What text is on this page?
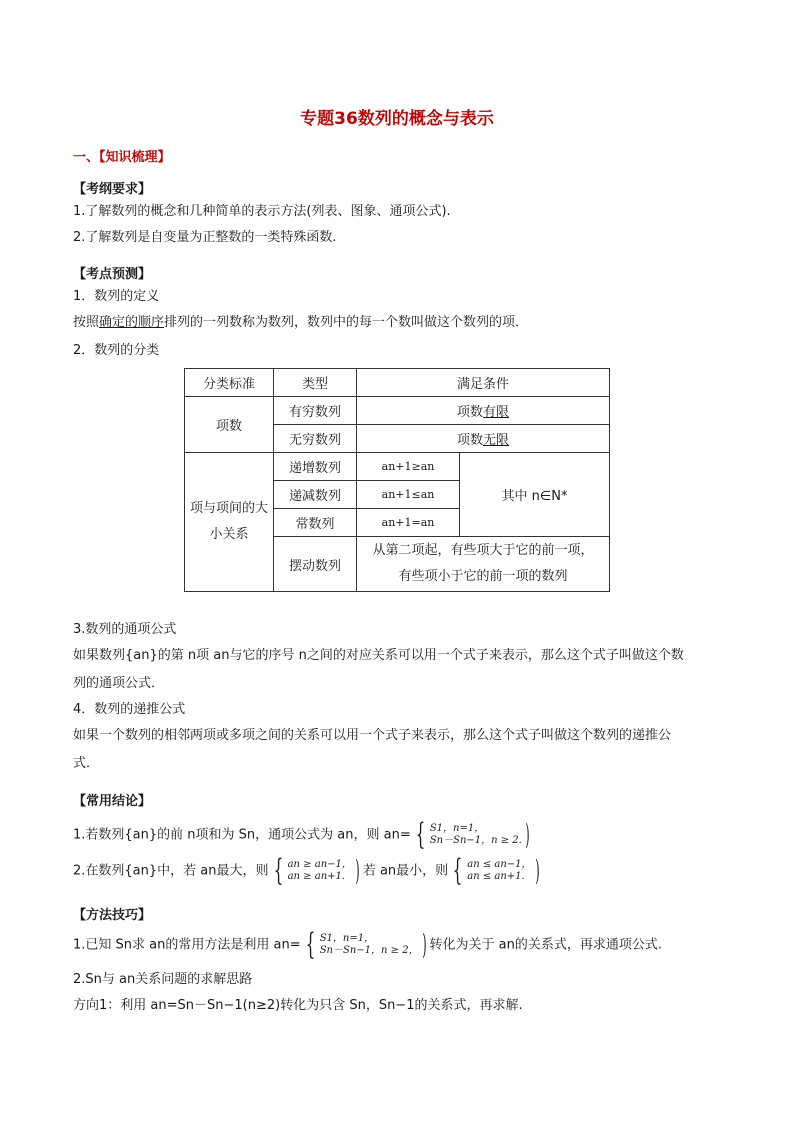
专题36数列的概念与表示
一、【知识梳理】
【考纲要求】
1.了解数列的概念和几种简单的表示方法(列表、图象、通项公式).
2.了解数列是自变量为正整数的一类特殊函数.
【考点预测】
1．数列的定义
按照确定的顺序排列的一列数称为数列，数列中的每一个数叫做这个数列的项．
2．数列的分类
分类标准	类型	满足条件	
项数	有穷数列	项数有限	
	无穷数列	项数无限	
项与项间的大小关系	递增数列	an+1≥an	其中 n∈N*
	递减数列	an+1≤an	
	常数列	an+1=an	
	摆动数列	从第二项起，有些项大于它的前一项，
有些项小于它的前一项的数列	
3.数列的通项公式
如果数列{an}的第 n项 an与它的序号 n之间的对应关系可以用一个式子来表示，那么这个式子叫做这个数
列的通项公式．
4．数列的递推公式
如果一个数列的相邻两项或多项之间的关系可以用一个式子来表示，那么这个式子叫做这个数列的递推公
式．
【常用结论】
1.若数列{an}的前 n项和为 Sn，通项公式为 an，则 an= { S1，n=1，
Sn－Sn−1，n ≥ 2. )
2.在数列{an}中，若 an最大，则 { an ≥ an−1，
an ≥ an+1. ) 若 an最小，则 { an ≤ an−1，
an ≤ an+1. )
【方法技巧】
1.已知 Sn求 an的常用方法是利用 an= { S1，n=1，
Sn－Sn−1，n ≥ 2， ) 转化为关于 an的关系式，再求通项公式.
2.Sn与 an关系问题的求解思路
方向1：利用 an=Sn－Sn−1(n≥2)转化为只含 Sn，Sn−1的关系式，再求解.
